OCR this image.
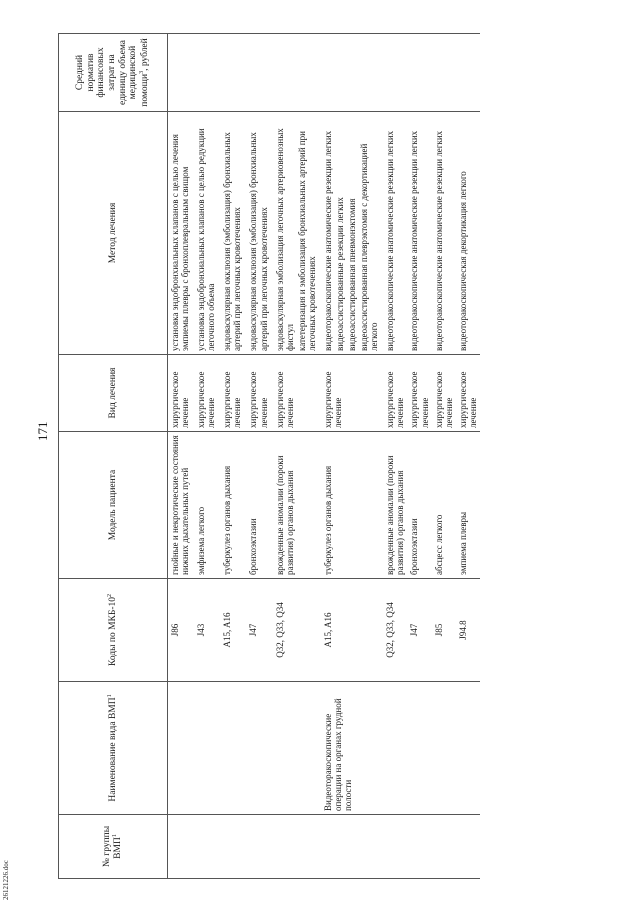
171
26121226.doc
№ группы ВМП$^1$	Наименование вида ВМП$^1$	Коды по МКБ-$10^2$	Модель пациента	Вид лечения	Метод лечения	Средний норматив финансовых затрат на единицу объема медицинской помощи$^3$, рублей
		J86	гнойные и некротические состояния нижних дыхательных путей	хирургическое лечение	установка эндобронхиальных клапанов с целью лечения эмпиемы плевры с бронхоплевральным свищом	

		J43	эмфизема легкого	хирургическое лечение	установка эндобронхиальных клапанов с целью редукции легочного объема	

		A15, A16	туберкулез органов дыхания	хирургическое лечение	эндоваскулярная окклюзия (эмболизация) бронхиальных артерий при легочных кровотечениях	

		J47	бронхоэктазии	хирургическое лечение	эндоваскулярная окклюзия (эмболизация) бронхиальных артерий при легочных кровотечениях	

		Q32, Q33, Q34	врожденные аномалии (пороки развития) органов дыхания	хирургическое лечение	эндоваскулярная эмболизация легочных артериовенозных фистул катетеризация и эмболизация бронхиальных артерий при легочных кровотечениях	

	Видеоторакоскопические операции на органах грудной полости	A15, A16	туберкулез органов дыхания	хирургическое лечение	видеоторакоскопические анатомические резекции легких видеоассистированные резекции легких видеоассистированная пневмонэктомия видеоассистированная плеврэктомия с декортикацией легкого	

		Q32, Q33, Q34	врожденные аномалии (пороки развития) органов дыхания	хирургическое лечение	видеоторакоскопические анатомические резекции легких	

		J47	бронхоэктазии	хирургическое лечение	видеоторакоскопические анатомические резекции легких	

		J85	абсцесс легкого	хирургическое лечение	видеоторакоскопические анатомические резекции легких	

		J94.8	эмпиема плевры	хирургическое лечение	видеоторакоскопическая декортикация легкого	
